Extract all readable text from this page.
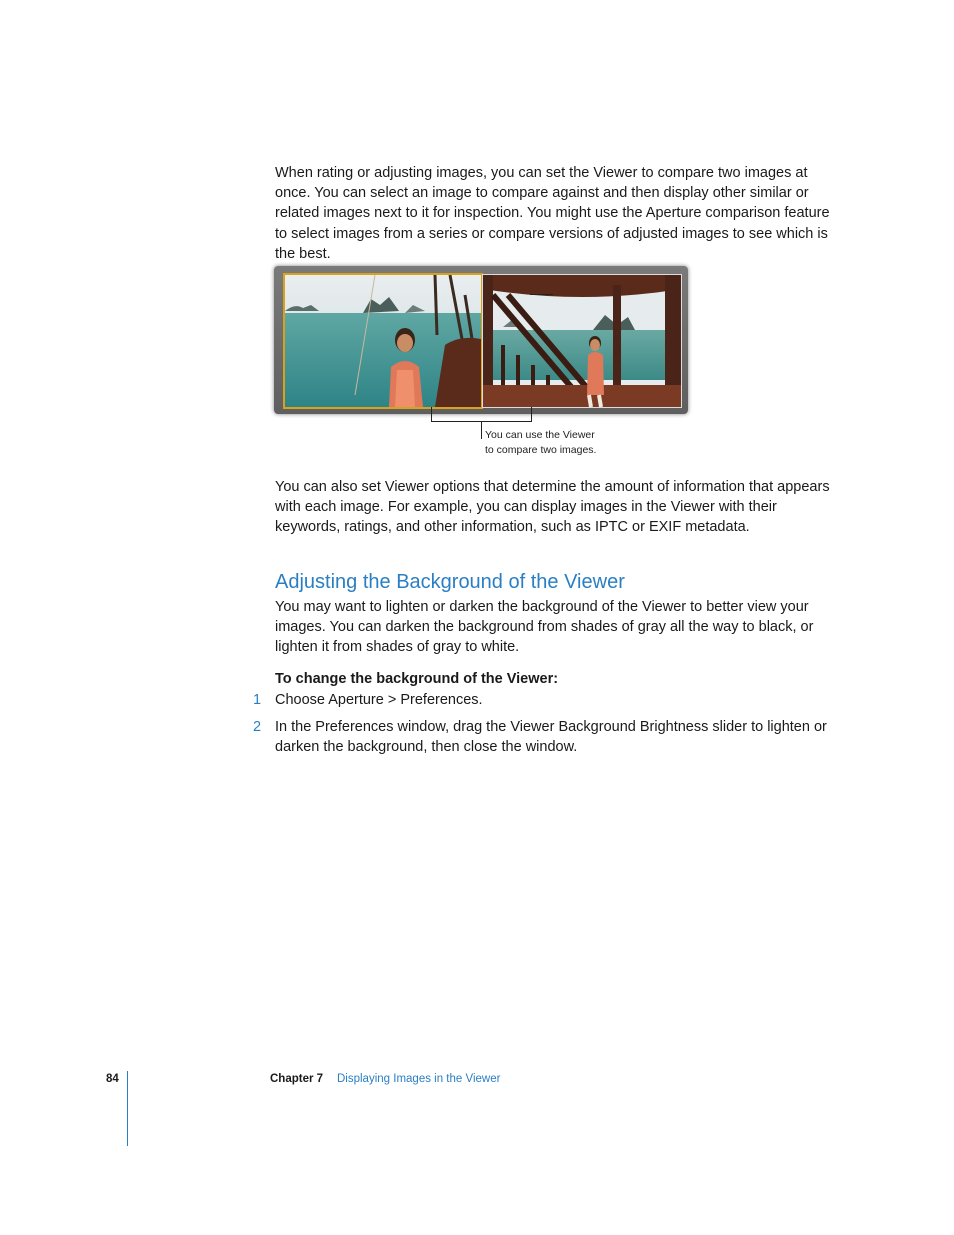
When rating or adjusting images, you can set the Viewer to compare two images at once. You can select an image to compare against and then display other similar or related images next to it for inspection. You might use the Aperture comparison feature to select images from a series or compare versions of adjusted images to see which is the best.

You can use the Viewer
to compare two images.

You can also set Viewer options that determine the amount of information that appears with each image. For example, you can display images in the Viewer with their keywords, ratings, and other information, such as IPTC or EXIF metadata.

Adjusting the Background of the Viewer

You may want to lighten or darken the background of the Viewer to better view your images. You can darken the background from shades of gray all the way to black, or lighten it from shades of gray to white.

To change the background of the Viewer:

1 Choose Aperture > Preferences.
2 In the Preferences window, drag the Viewer Background Brightness slider to lighten or darken the background, then close the window.
84	Chapter 7 Displaying Images in the Viewer
